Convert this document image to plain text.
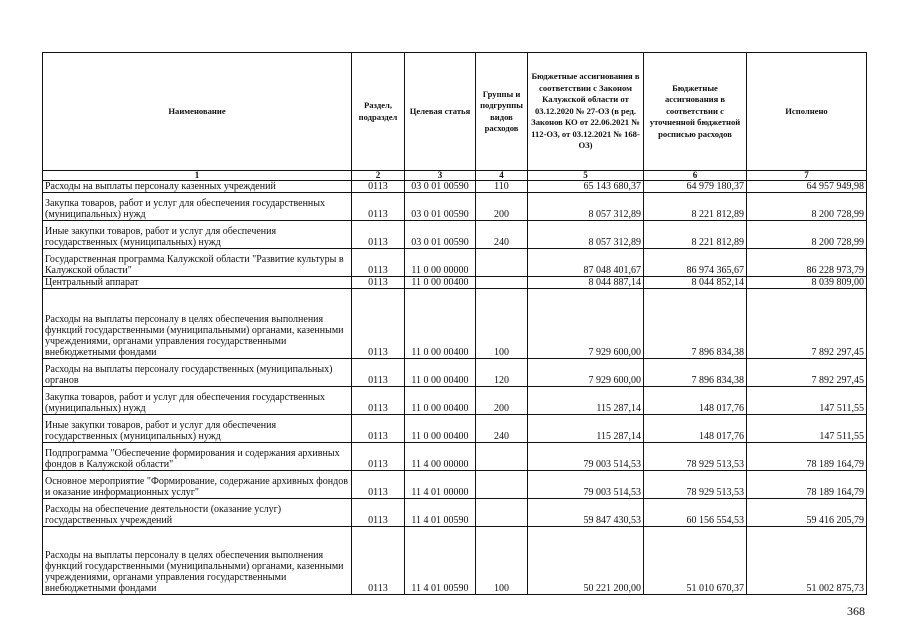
Наименование	Раздел, подраздел	Целевая статья	Группы и подгруппы видов расходов	Бюджетные ассигнования в соответствии с Законом Калужской области от 03.12.2020 № 27-ОЗ (в ред. Законов КО от 22.06.2021 № 112-ОЗ, от 03.12.2021 № 168-ОЗ)	Бюджетные ассигнования в соответствии с уточненной бюджетной росписью расходов	Исполнено
1	2	3	4	5	6	7
Расходы на выплаты персоналу казенных учреждений	0113	03 0 01 00590	110	65 143 680,37	64 979 180,37	64 957 949,98
Закупка товаров, работ и услуг для обеспечения государственных (муниципальных) нужд	0113	03 0 01 00590	200	8 057 312,89	8 221 812,89	8 200 728,99
Иные закупки товаров, работ и услуг для обеспечения государственных (муниципальных) нужд	0113	03 0 01 00590	240	8 057 312,89	8 221 812,89	8 200 728,99
Государственная программа Калужской области "Развитие культуры в Калужской области"	0113	11 0 00 00000		87 048 401,67	86 974 365,67	86 228 973,79
Центральный аппарат	0113	11 0 00 00400		8 044 887,14	8 044 852,14	8 039 809,00
Расходы на выплаты персоналу в целях обеспечения выполнения функций государственными (муниципальными) органами, казенными учреждениями, органами управления государственными внебюджетными фондами	0113	11 0 00 00400	100	7 929 600,00	7 896 834,38	7 892 297,45
Расходы на выплаты персоналу государственных (муниципальных) органов	0113	11 0 00 00400	120	7 929 600,00	7 896 834,38	7 892 297,45
Закупка товаров, работ и услуг для обеспечения государственных (муниципальных) нужд	0113	11 0 00 00400	200	115 287,14	148 017,76	147 511,55
Иные закупки товаров, работ и услуг для обеспечения государственных (муниципальных) нужд	0113	11 0 00 00400	240	115 287,14	148 017,76	147 511,55
Подпрограмма "Обеспечение формирования и содержания архивных фондов в Калужской области"	0113	11 4 00 00000		79 003 514,53	78 929 513,53	78 189 164,79
Основное мероприятие "Формирование, содержание архивных фондов и оказание информационных услуг"	0113	11 4 01 00000		79 003 514,53	78 929 513,53	78 189 164,79
Расходы на обеспечение деятельности (оказание услуг) государственных учреждений	0113	11 4 01 00590		59 847 430,53	60 156 554,53	59 416 205,79
Расходы на выплаты персоналу в целях обеспечения выполнения функций государственными (муниципальными) органами, казенными учреждениями, органами управления государственными внебюджетными фондами	0113	11 4 01 00590	100	50 221 200,00	51 010 670,37	51 002 875,73
368
